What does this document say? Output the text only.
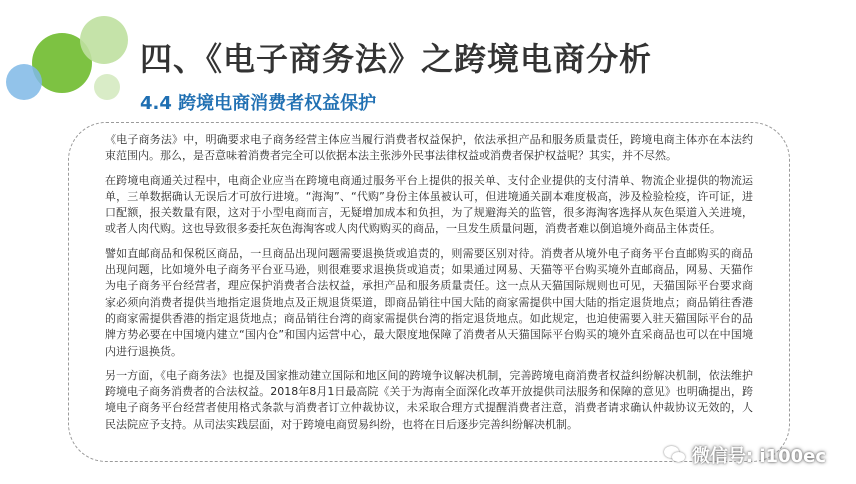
四、《电子商务法》之跨境电商分析
4.4 跨境电商消费者权益保护

《电子商务法》中，明确要求电子商务经营主体应当履行消费者权益保护，依法承担产品和服务质量责任，跨境电商主体亦在本法约束范围内。那么，是否意味着消费者完全可以依据本法主张涉外民事法律权益或消费者保护权益呢？其实，并不尽然。

在跨境电商通关过程中，电商企业应当在跨境电商通过服务平台上提供的报关单、支付企业提供的支付清单、物流企业提供的物流运单，三单数据确认无误后才可放行进境。“海淘”、“代购”身份主体虽被认可，但进境通关副本难度极高，涉及检验检疫，许可证，进口配额，报关数量有限，这对于小型电商而言，无疑增加成本和负担，为了规避海关的监管，很多海淘客选择从灰色渠道入关进境，或者人肉代购。这也导致很多委托灰色海淘客或人肉代购购买的商品，一旦发生质量问题，消费者难以倒追境外商品主体责任。

譬如直邮商品和保税区商品，一旦商品出现问题需要退换货或追责的，则需要区别对待。消费者从境外电子商务平台直邮购买的商品出现问题，比如境外电子商务平台亚马逊，则很难要求退换货或追责；如果通过网易、天猫等平台购买境外直邮商品，网易、天猫作为电子商务平台经营者，理应保护消费者合法权益，承担产品和服务质量责任。这一点从天猫国际规则也可见，天猫国际平台要求商家必须向消费者提供当地指定退货地点及正规退货渠道，即商品销往中国大陆的商家需提供中国大陆的指定退货地点；商品销往香港的商家需提供香港的指定退货地点；商品销往台湾的商家需提供台湾的指定退货地点。如此规定，也迫使需要入驻天猫国际平台的品牌方势必要在中国境内建立“国内仓”和国内运营中心，最大限度地保障了消费者从天猫国际平台购买的境外直采商品也可以在中国境内进行退换货。

另一方面，《电子商务法》也提及国家推动建立国际和地区间的跨境争议解决机制，完善跨境电商消费者权益纠纷解决机制，依法维护跨境电子商务消费者的合法权益。2018年8月1日最高院《关于为海南全面深化改革开放提供司法服务和保障的意见》也明确提出，跨境电子商务平台经营者使用格式条款与消费者订立仲裁协议，未采取合理方式提醒消费者注意，消费者请求确认仲裁协议无效的，人民法院应予支持。从司法实践层面，对于跨境电商贸易纠纷，也将在日后逐步完善纠纷解决机制。

微信号: i100ec
